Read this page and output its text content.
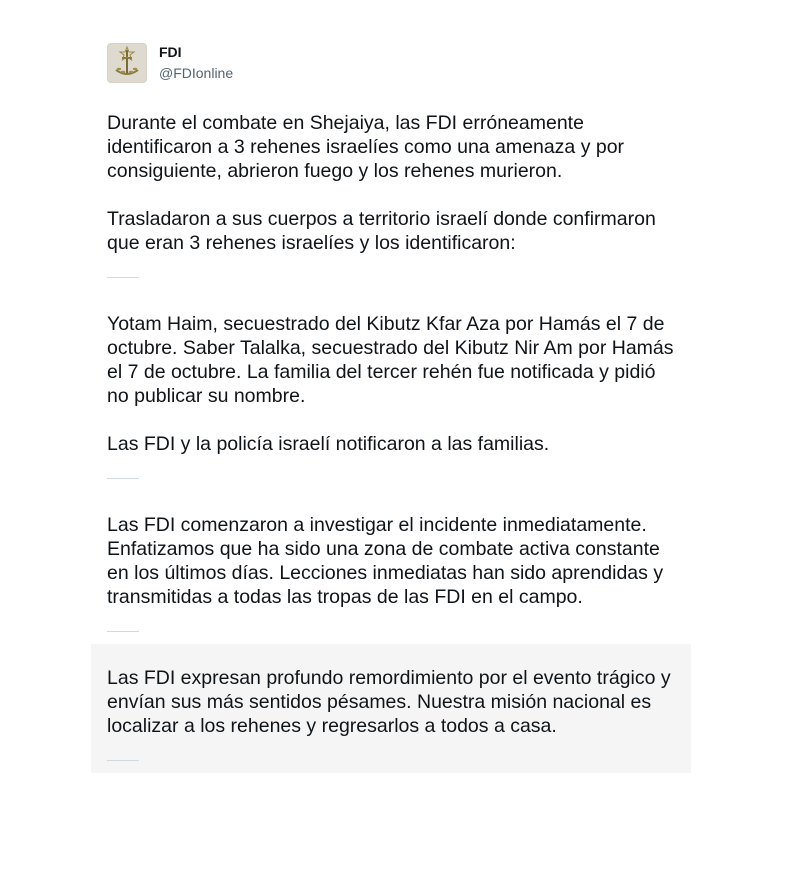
FDI
@FDIonline

Durante el combate en Shejaiya, las FDI erróneamente identificaron a 3 rehenes israelíes como una amenaza y por consiguiente, abrieron fuego y los rehenes murieron.

Trasladaron a sus cuerpos a territorio israelí donde confirmaron que eran 3 rehenes israelíes y los identificaron:

Yotam Haim, secuestrado del Kibutz Kfar Aza por Hamás el 7 de octubre. Saber Talalka, secuestrado del Kibutz Nir Am por Hamás el 7 de octubre. La familia del tercer rehén fue notificada y pidió no publicar su nombre.

Las FDI y la policía israelí notificaron a las familias.

Las FDI comenzaron a investigar el incidente inmediatamente. Enfatizamos que ha sido una zona de combate activa constante en los últimos días. Lecciones inmediatas han sido aprendidas y transmitidas a todas las tropas de las FDI en el campo.

Las FDI expresan profundo remordimiento por el evento trágico y envían sus más sentidos pésames. Nuestra misión nacional es localizar a los rehenes y regresarlos a todos a casa.
